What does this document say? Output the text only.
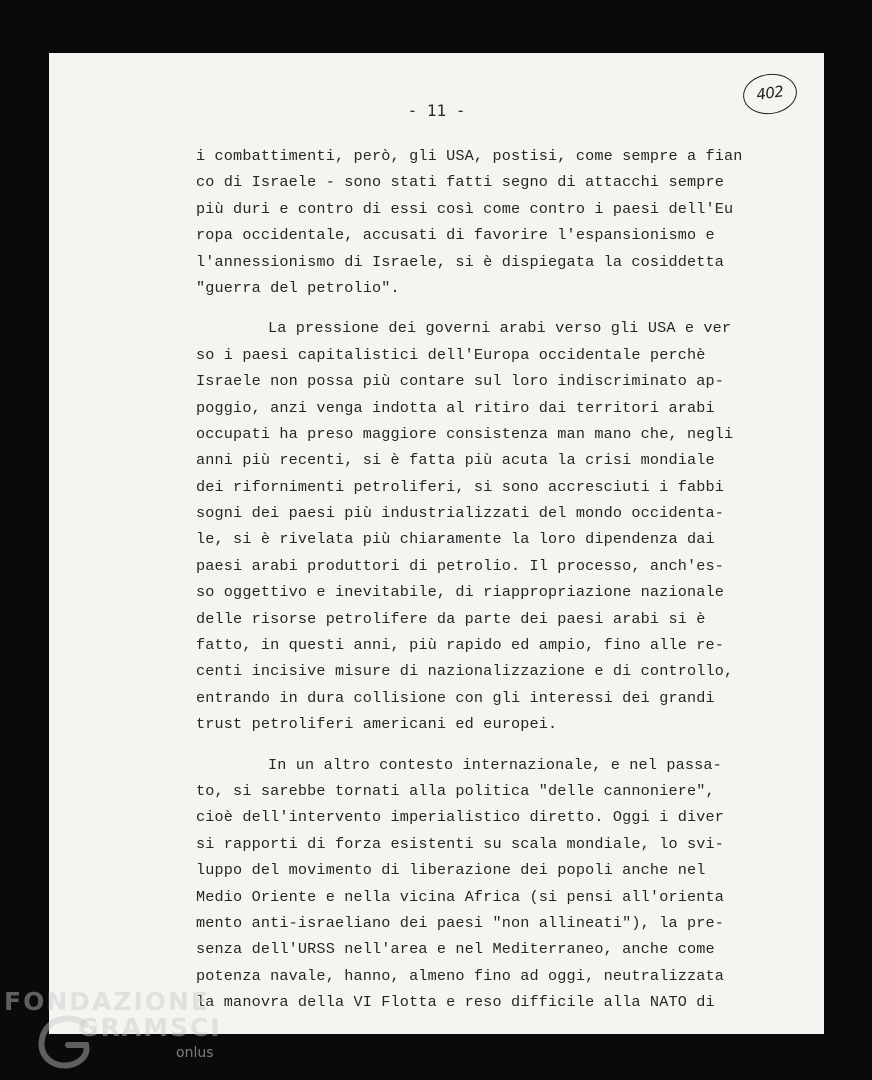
402
- 11 -
i combattimenti, però, gli USA, postisi, come sempre a fian
co di Israele - sono stati fatti segno di attacchi sempre
più duri e contro di essi così come contro i paesi dell'Eu
ropa occidentale, accusati di favorire l'espansionismo e
l'annessionismo di Israele, si è dispiegata la cosiddetta
"guerra del petrolio".
La pressione dei governi arabi verso gli USA e ver
so i paesi capitalistici dell'Europa occidentale perchè
Israele non possa più contare sul loro indiscriminato ap-
poggio, anzi venga indotta al ritiro dai territori arabi
occupati ha preso maggiore consistenza man mano che, negli
anni più recenti, si è fatta più acuta la crisi mondiale
dei rifornimenti petroliferi, si sono accresciuti i fabbi
sogni dei paesi più industrializzati del mondo occidenta-
le, si è rivelata più chiaramente la loro dipendenza dai
paesi arabi produttori di petrolio. Il processo, anch'es-
so oggettivo e inevitabile, di riappropriazione nazionale
delle risorse petrolifere da parte dei paesi arabi si è
fatto, in questi anni, più rapido ed ampio, fino alle re-
centi incisive misure di nazionalizzazione e di controllo,
entrando in dura collisione con gli interessi dei grandi
trust petroliferi americani ed europei.
In un altro contesto internazionale, e nel passa-
to, si sarebbe tornati alla politica "delle cannoniere",
cioè dell'intervento imperialistico diretto. Oggi i diver
si rapporti di forza esistenti su scala mondiale, lo svi-
luppo del movimento di liberazione dei popoli anche nel
Medio Oriente e nella vicina Africa (si pensi all'orienta
mento anti-israeliano dei paesi "non allineati"), la pre-
senza dell'URSS nell'area e nel Mediterraneo, anche come
potenza navale, hanno, almeno fino ad oggi, neutralizzata
la manovra della VI Flotta e reso difficile alla NATO di
FONDAZIONE
GRAMSCI
onlus
